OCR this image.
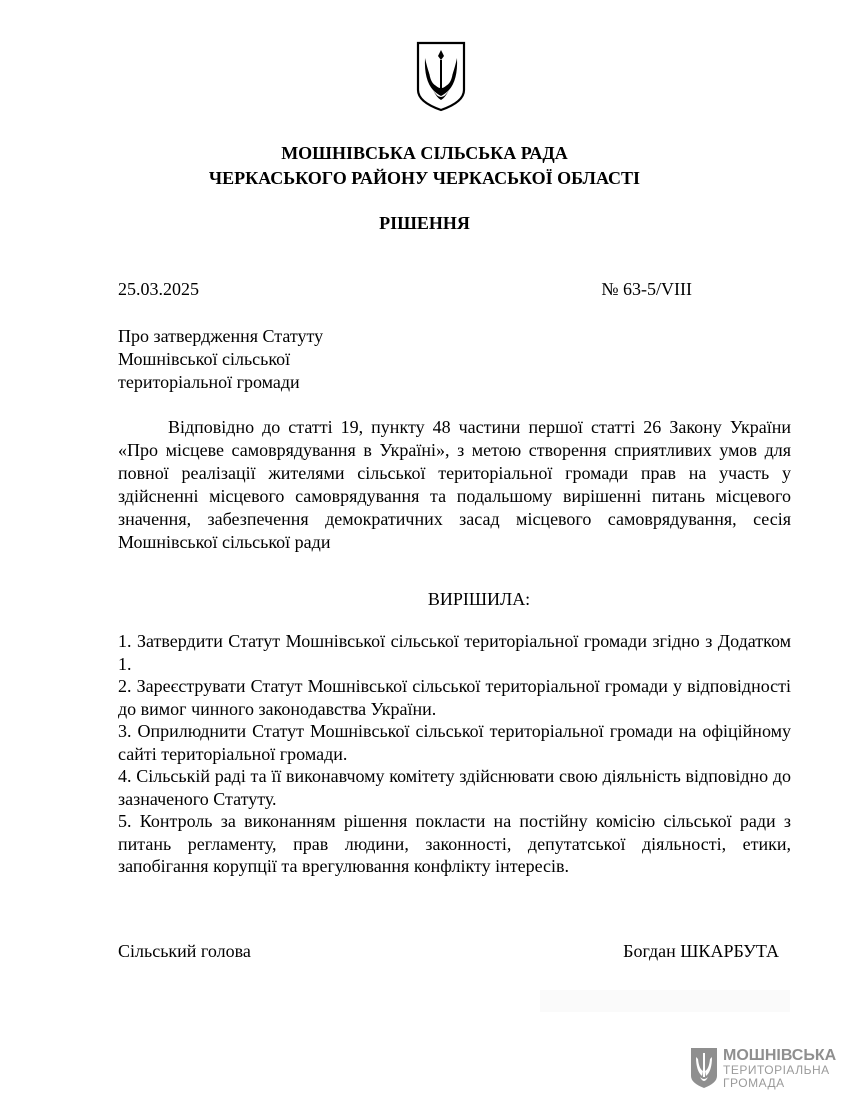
МОШНІВСЬКА СІЛЬСЬКА РАДА
ЧЕРКАСЬКОГО РАЙОНУ ЧЕРКАСЬКОЇ ОБЛАСТІ
РІШЕННЯ
25.03.2025	№ 63-5/VIII
Про затвердження Статуту
Мошнівської сільської
територіальної громади
Відповідно до статті 19, пункту 48 частини першої статті 26 Закону України «Про місцеве самоврядування в Україні», з метою створення сприятливих умов для повної реалізації жителями сільської територіальної громади прав на участь у здійсненні місцевого самоврядування та подальшому вирішенні питань місцевого значення, забезпечення демократичних засад місцевого самоврядування, сесія Мошнівської сільської ради
ВИРІШИЛА:
1. Затвердити Статут Мошнівської сільської територіальної громади згідно з Додатком 1.
2. Зареєструвати Статут Мошнівської сільської територіальної громади у відповідності до вимог чинного законодавства України.
3. Оприлюднити Статут Мошнівської сільської територіальної громади на офіційному сайті територіальної громади.
4. Сільській раді та її виконавчому комітету здійснювати свою діяльність відповідно до зазначеного Статуту.
5. Контроль за виконанням рішення покласти на постійну комісію сільської ради з питань регламенту, прав людини, законності, депутатської діяльності, етики, запобігання корупції та врегулювання конфлікту інтересів.
Сільський голова	Богдан ШКАРБУТА
МОШНІВСЬКА
ТЕРИТОРІАЛЬНА
ГРОМАДА
